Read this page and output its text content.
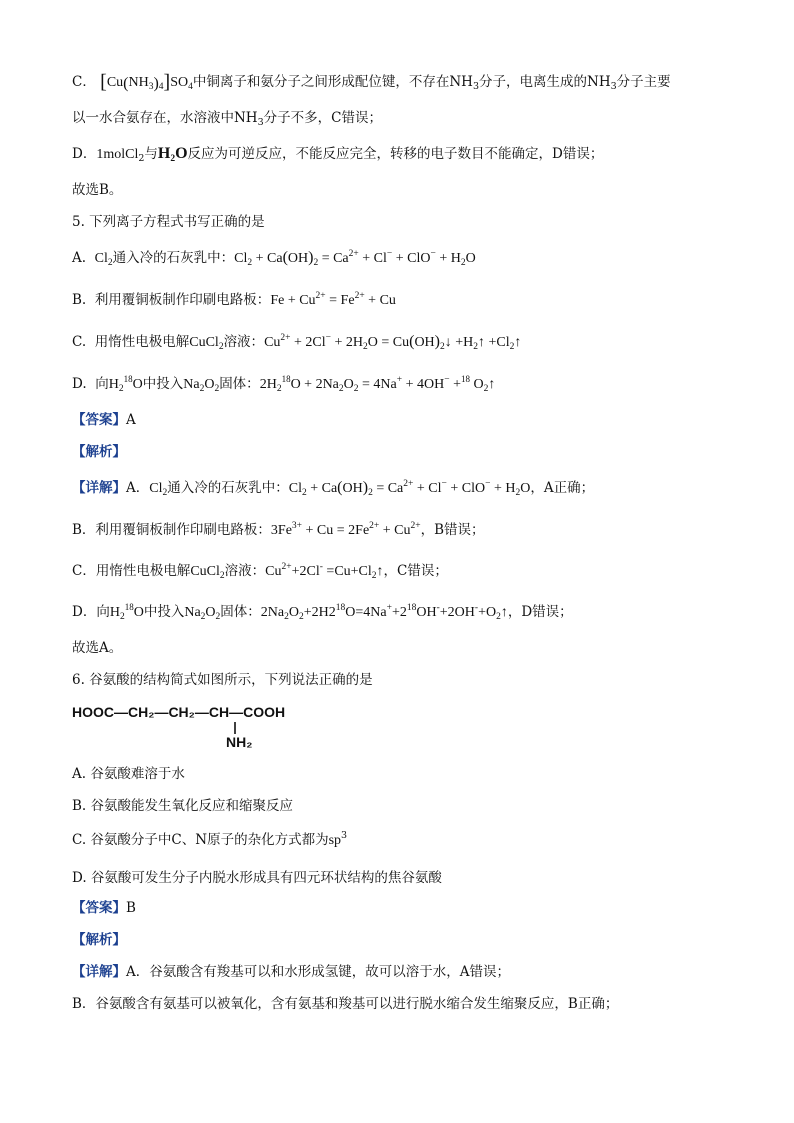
C． $[Cu(NH_3)_4]SO_4$中铜离子和氨分子之间形成配位键，不存在$NH_3$分子，电离生成的$NH_3$分子主要
以一水合氨存在，水溶液中$NH_3$分子不多，C错误；
D．1molCl$_2$与$H_2O$反应为可逆反应，不能反应完全，转移的电子数目不能确定，D错误；
故选B。
5. 下列离子方程式书写正确的是
A. $Cl_2$通入冷的石灰乳中：$Cl_2 + Ca(OH)_2 = Ca^{2+} + Cl^- + ClO^- + H_2O$
B. 利用覆铜板制作印刷电路板：$Fe + Cu^{2+} = Fe^{2+} + Cu$
C. 用惰性电极电解CuCl$_2$溶液：$Cu^{2+} + 2Cl^- + 2H_2O$ = $Cu(OH)_2↓$ $+H_2↑$ $+Cl_2↑$
D. 向$H_2^{18}O$中投入$Na_2O_2$固体：$2H_2^{18}O + 2Na_2O_2 = 4Na^+ + 4OH^- +^{18}$ $O_2↑$
【答案】A
【解析】
【详解】A．$Cl_2$通入冷的石灰乳中：$Cl_2 + Ca(OH)_2 = Ca^{2+} + Cl^- + ClO^- + H_2O$，A正确；
B．利用覆铜板制作印刷电路板：$3Fe^{3+} + Cu = 2Fe^{2+} + Cu^{2+}$，B错误；
C．用惰性电极电解CuCl$_2$溶液：$Cu^{2+}+2Cl^-$ $=Cu+Cl_2↑$，C错误；
D．向$H_2^{18}O$中投入$Na_2O_2$固体：$2Na_2O_2+2H2^{18}O=4Na^++2^{18}OH^-+2OH^-+O_2↑$，D错误；
故选A。
6. 谷氨酸的结构简式如图所示，下列说法正确的是
HOOC—CH₂—CH₂—CH—COOH
NH₂
A. 谷氨酸难溶于水
B. 谷氨酸能发生氧化反应和缩聚反应
C. 谷氨酸分子中C、N原子的杂化方式都为$sp^3$
D. 谷氨酸可发生分子内脱水形成具有四元环状结构的焦谷氨酸
【答案】B
【解析】
【详解】A．谷氨酸含有羧基可以和水形成氢键，故可以溶于水，A错误；
B．谷氨酸含有氨基可以被氧化，含有氨基和羧基可以进行脱水缩合发生缩聚反应，B正确；
